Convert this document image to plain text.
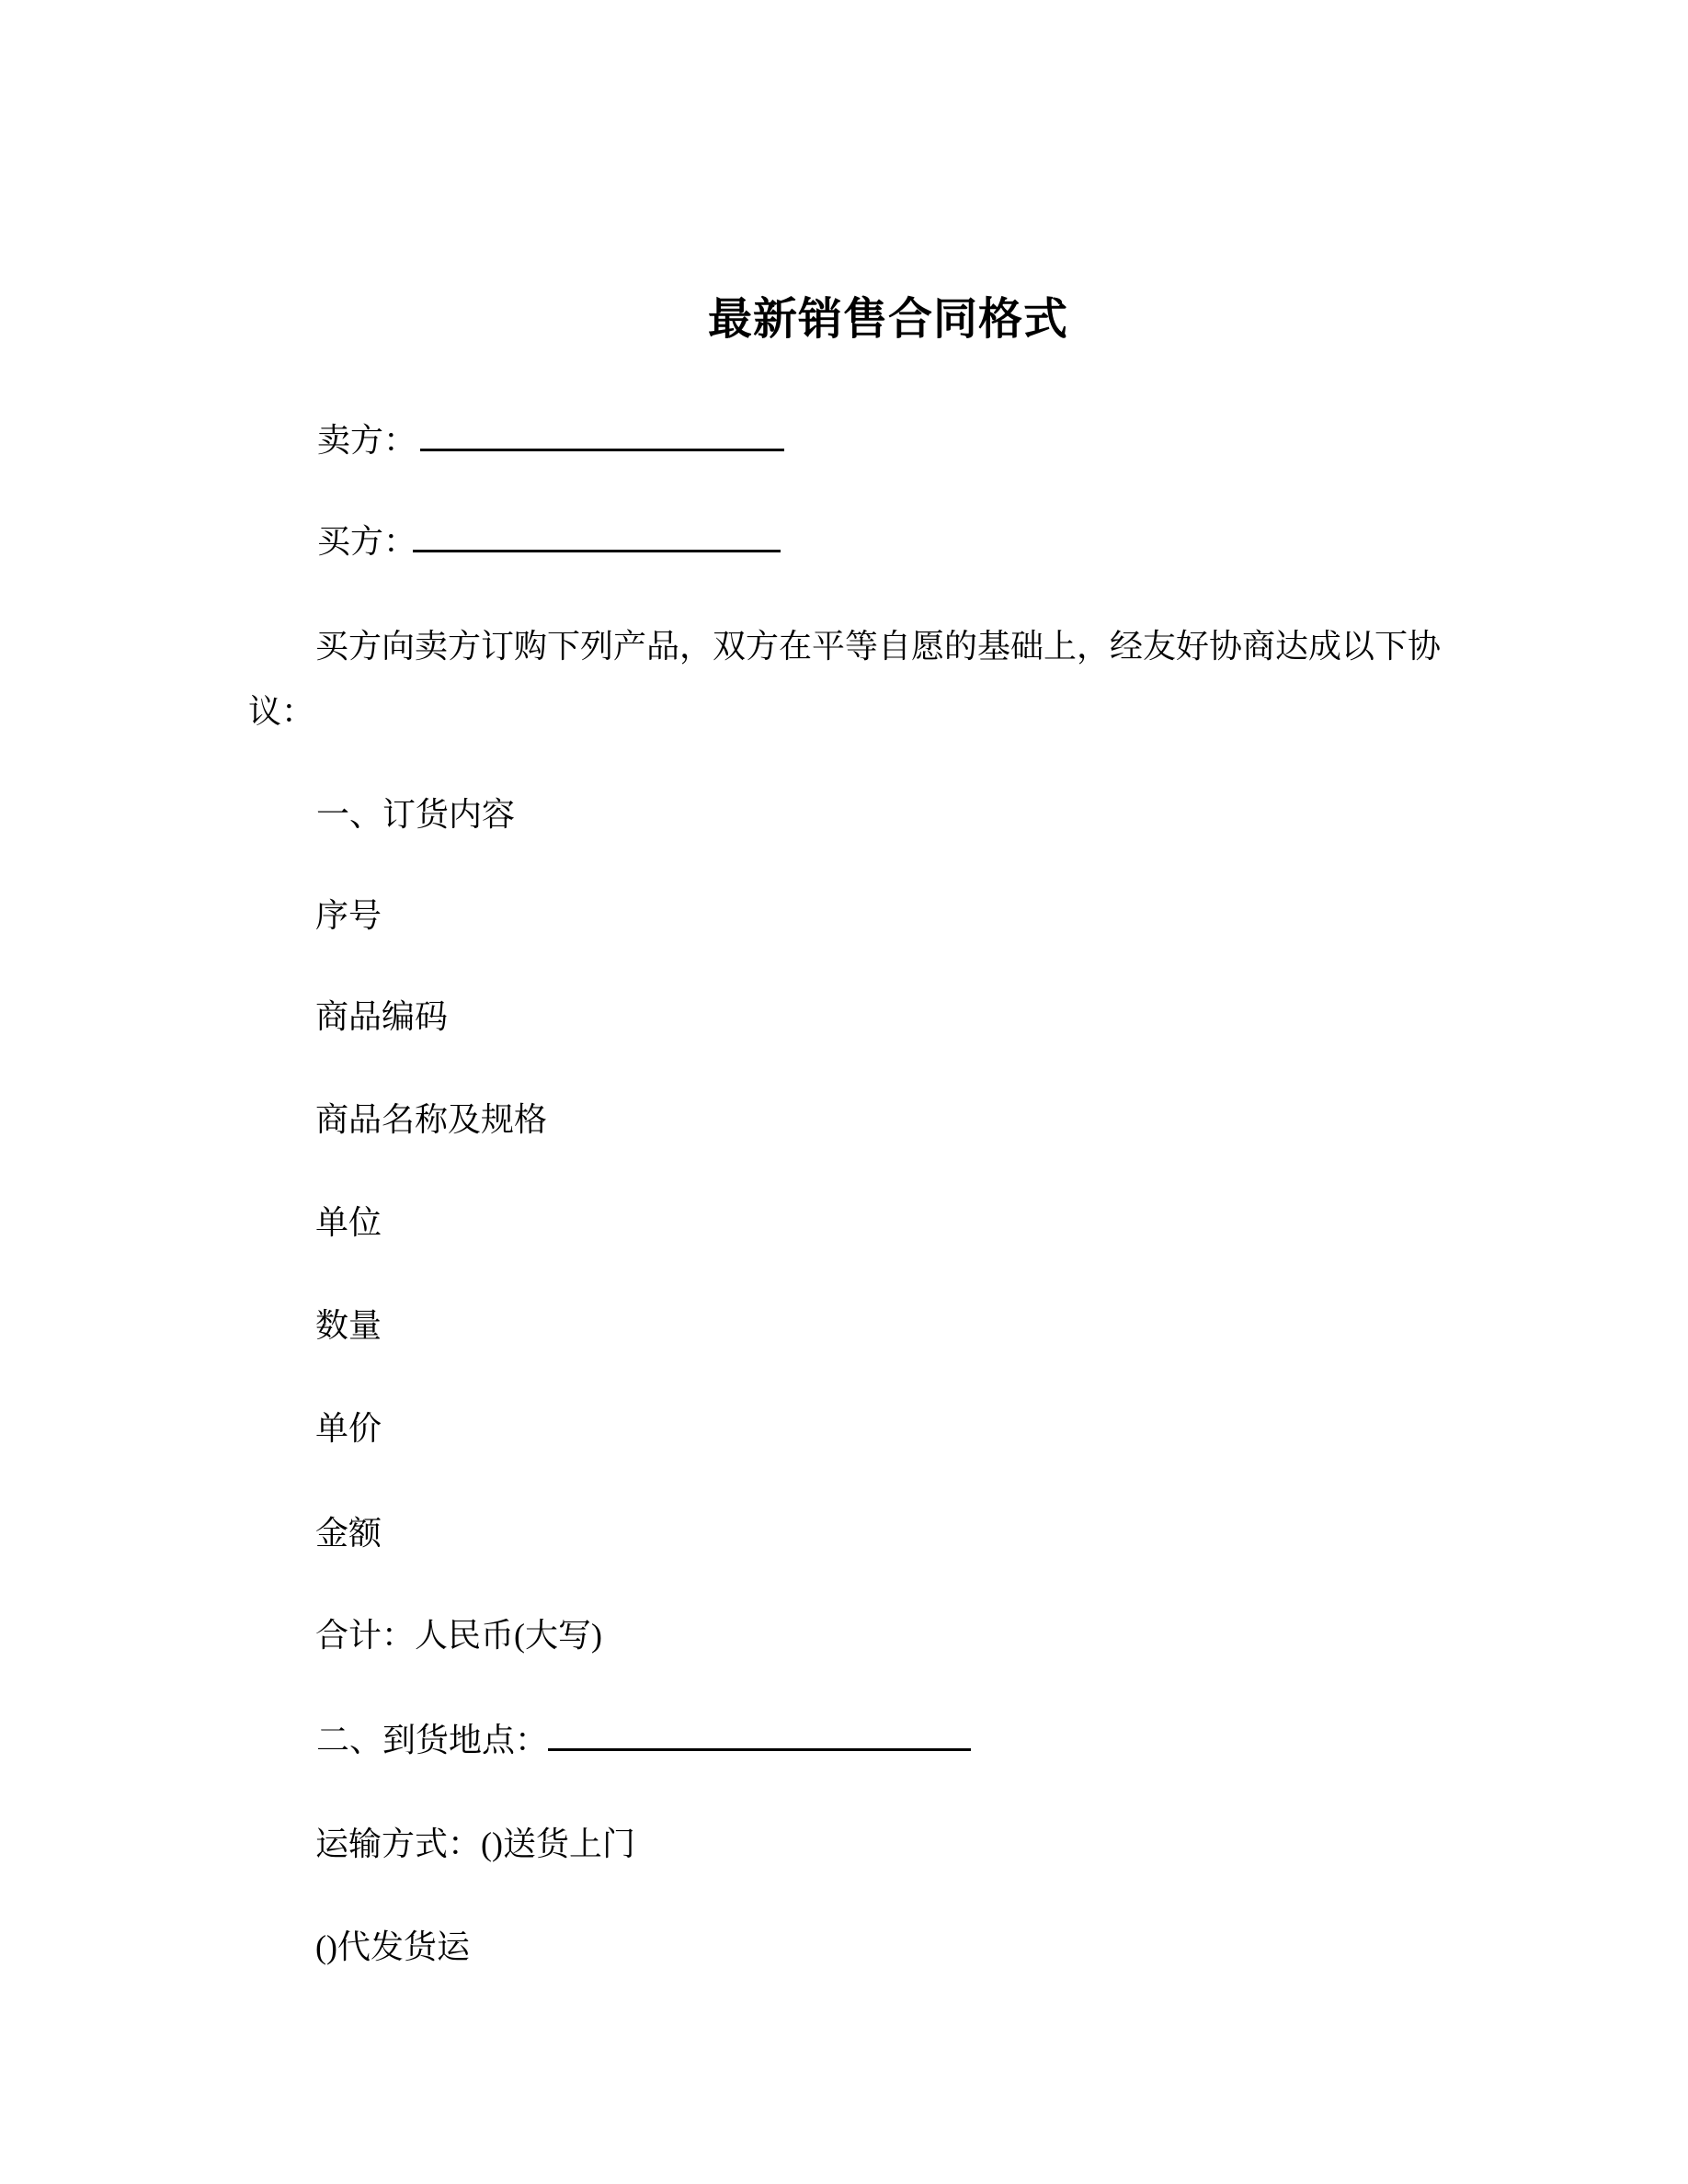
最新销售合同格式
卖方：
买方：
买方向卖方订购下列产品，双方在平等自愿的基础上，经友好协商达成以下协
议：
一、订货内容
序号
商品编码
商品名称及规格
单位
数量
单价
金额
合计：人民币(大写)
二、到货地点：
运输方式：()送货上门
()代发货运
